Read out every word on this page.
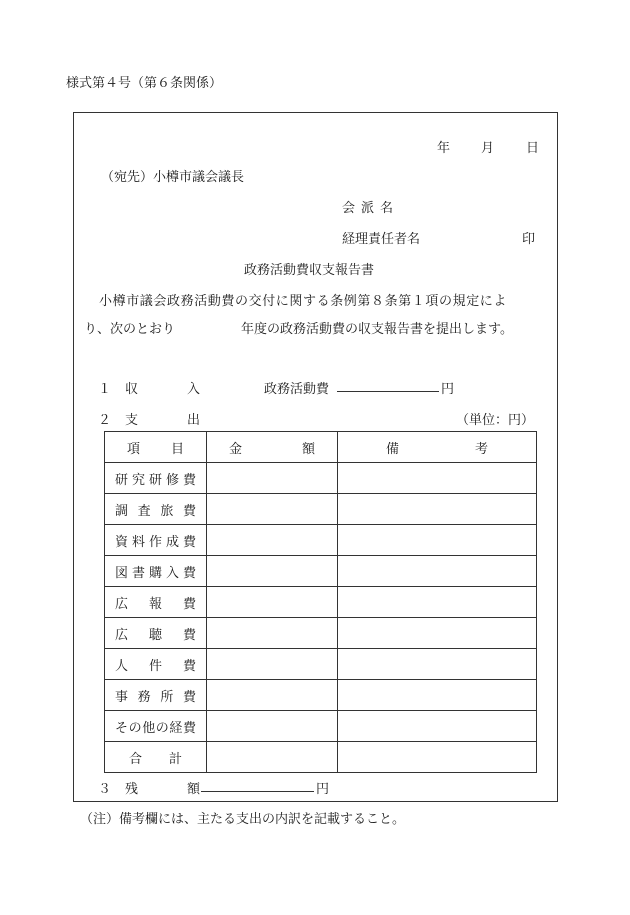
様式第４号（第６条関係）
年 月 日
（宛先）小樽市議会議長
会派名
経理責任者名	印
政務活動費収支報告書
小樽市議会政務活動費の交付に関する条例第８条第１項の規定によ
り、次のとおり	年度の政務活動費の収支報告書を提出します。
１ 収	入	政務活動費	円
２ 支	出	（単位：円）
項目	金額	備考
研究研修費		
調査旅費		
資料作成費		
図書購入費		
広報費		
広聴費		
人件費		
事務所費		
その他の経費		
合計		
３ 残	額	円
（注）備考欄には、主たる支出の内訳を記載すること。
